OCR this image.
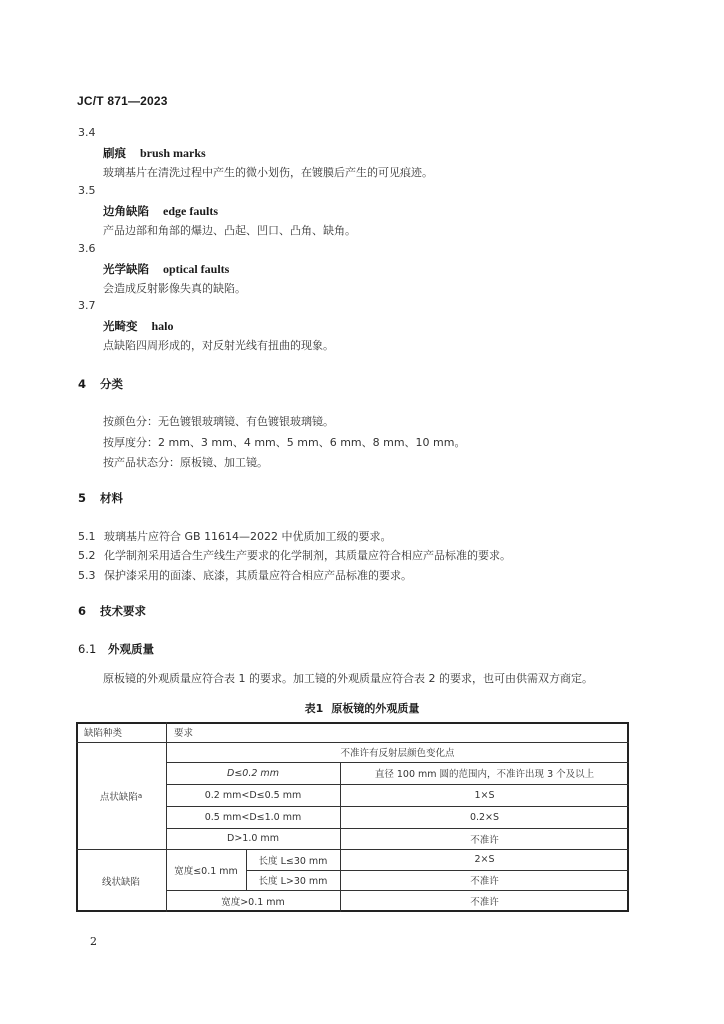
JC/T 871—2023
3.4
刷痕 brush marks
玻璃基片在清洗过程中产生的微小划伤，在镀膜后产生的可见痕迹。
3.5
边角缺陷 edge faults
产品边部和角部的爆边、凸起、凹口、凸角、缺角。
3.6
光学缺陷 optical faults
会造成反射影像失真的缺陷。
3.7
光畸变 halo
点缺陷四周形成的，对反射光线有扭曲的现象。
4 分类
按颜色分：无色镀银玻璃镜、有色镀银玻璃镜。
按厚度分：2 mm、3 mm、4 mm、5 mm、6 mm、8 mm、10 mm。
按产品状态分：原板镜、加工镜。
5 材料
5.1 玻璃基片应符合 GB 11614—2022 中优质加工级的要求。
5.2 化学制剂采用适合生产线生产要求的化学制剂，其质量应符合相应产品标准的要求。
5.3 保护漆采用的面漆、底漆，其质量应符合相应产品标准的要求。
6 技术要求
6.1 外观质量
原板镜的外观质量应符合表 1 的要求。加工镜的外观质量应符合表 2 的要求，也可由供需双方商定。
表1 原板镜的外观质量
缺陷种类	要求
点状缺陷 a
不准许有反射层颜色变化点
D≤0.2 mm	直径 100 mm 圆的范围内，不准许出现 3 个及以上
0.2 mm<D≤0.5 mm	1×S
0.5 mm<D≤1.0 mm	0.2×S
D>1.0 mm	不准许
线状缺陷
宽度≤0.1 mm
长度 L≤30 mm	2×S
长度 L>30 mm	不准许
宽度>0.1 mm	不准许
2
